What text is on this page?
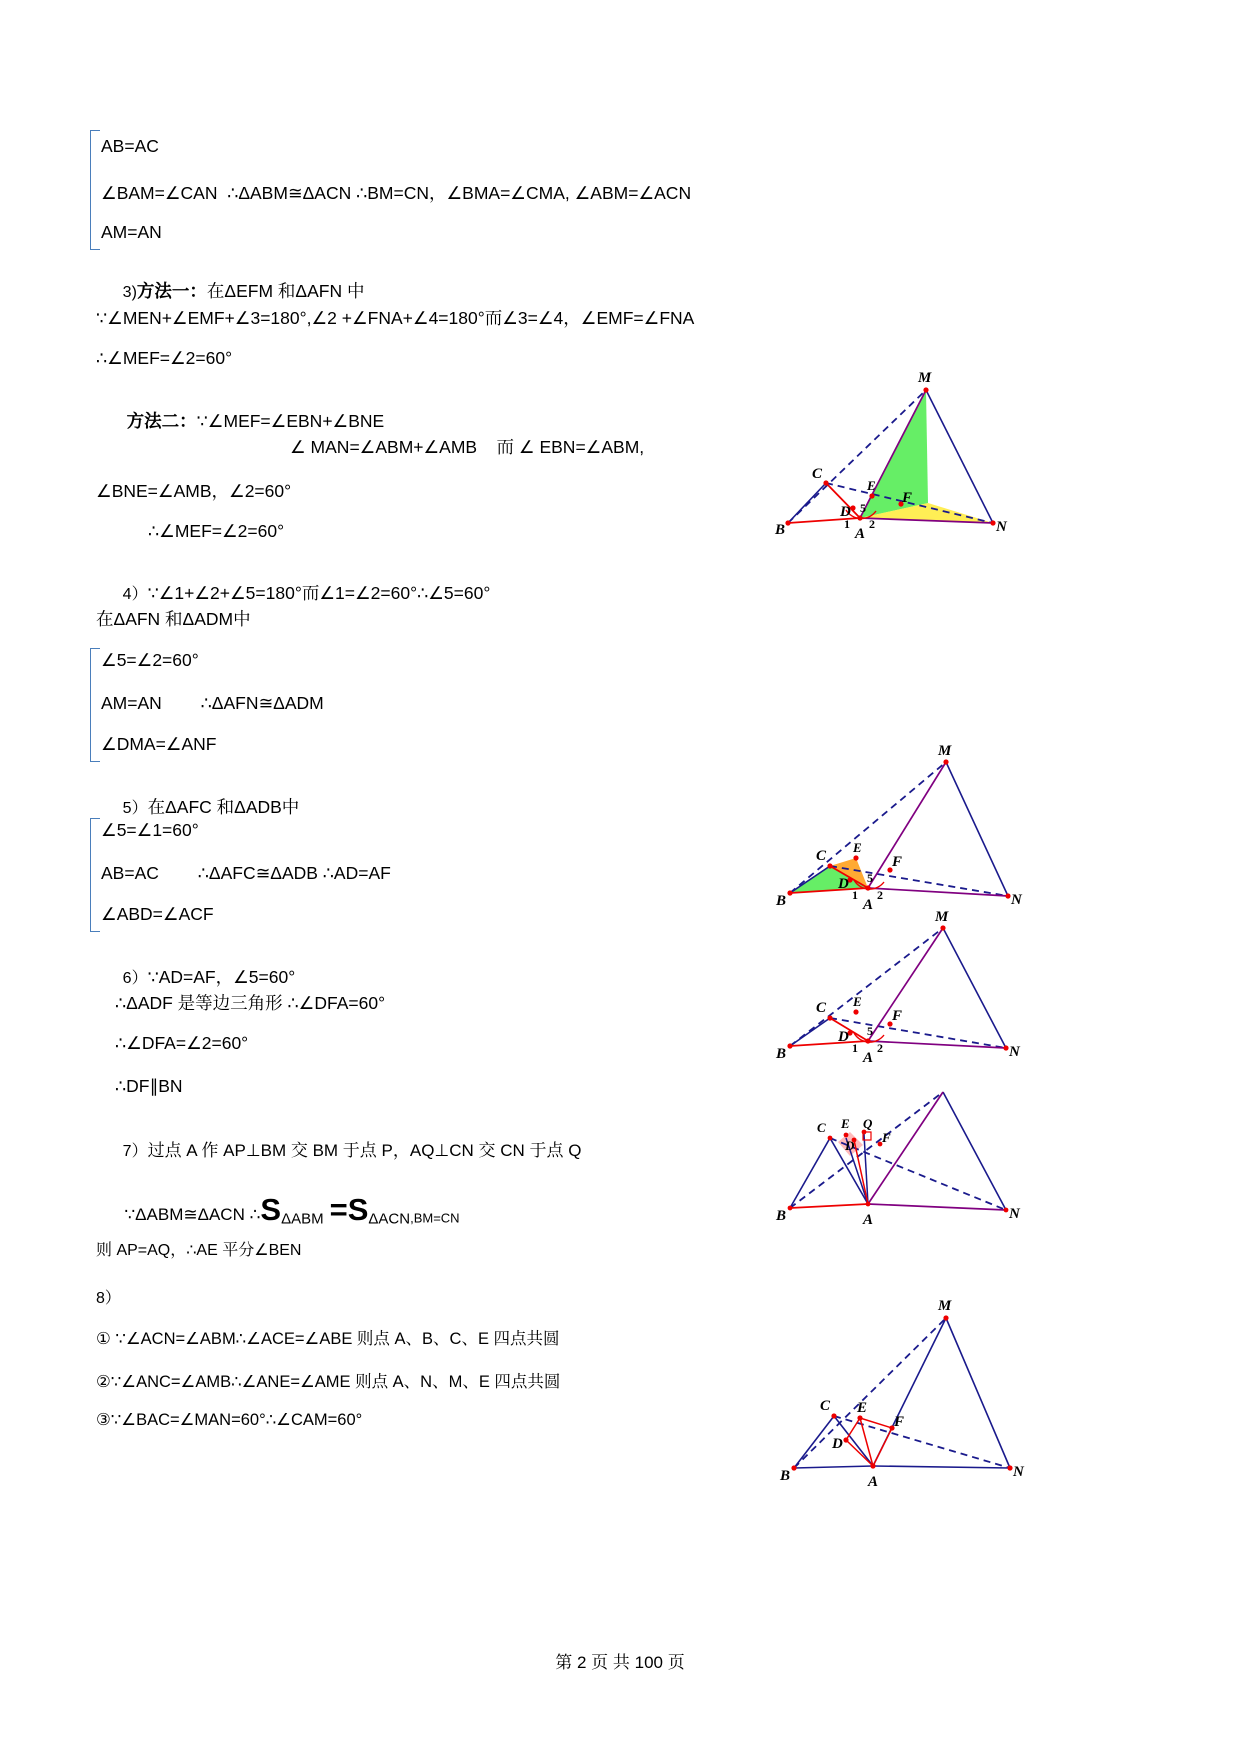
AB=AC
∠BAM=∠CAN  ∴ΔABM≅ΔACN ∴BM=CN，∠BMA=∠CMA, ∠ABM=∠ACN
AM=AN

3)方法一：在ΔEFM 和ΔAFN 中

∵∠MEN+∠EMF+∠3=180°,∠2 +∠FNA+∠4=180°而∠3=∠4，∠EMF=∠FNA
∴∠MEF=∠2=60°

方法二：∵∠MEF=∠EBN+∠BNE

∠ MAN=∠ABM+∠AMB    而 ∠ EBN=∠ABM,
∠BNE=∠AMB，∠2=60°
∴∠MEF=∠2=60°

4）∵∠1+∠2+∠5=180°而∠1=∠2=60°∴∠5=60°

在ΔAFN 和ΔADM中
∠5=∠2=60°
AM=AN        ∴ΔAFN≅ΔADM
∠DMA=∠ANF

5）在ΔAFC 和ΔADB中

∠5=∠1=60°
AB=AC        ∴ΔAFC≅ΔADB ∴AD=AF
∠ABD=∠ACF

6）∵AD=AF，∠5=60°

∴ΔADF 是等边三角形 ∴∠DFA=60°
∴∠DFA=∠2=60°
∴DF∥BN

7）过点 A 作 AP⊥BM 交 BM 于点 P，AQ⊥CN 交 CN 于点 Q

∵ΔABM≅ΔACN ∴SΔABM =SΔACN,BM=CN

则 AP=AQ，∴AE 平分∠BEN
8）
① ∵∠ACN=∠ABM∴∠ACE=∠ABE 则点 A、B、C、E 四点共圆
②∵∠ANC=∠AMB∴∠ANE=∠AME 则点 A、N、M、E 四点共圆
③∵∠BAC=∠MAN=60°∴∠CAM=60°
第 2 页 共 100 页
M
C
E
F
D
B	A	N
5
1 2
M
C
E
F
D
B	A	N
5
1 2
M
C E
F
D
B	A	N
5
1 2
C E Q
F
D
B	A	N
M
C E
F
D
B	A
N
